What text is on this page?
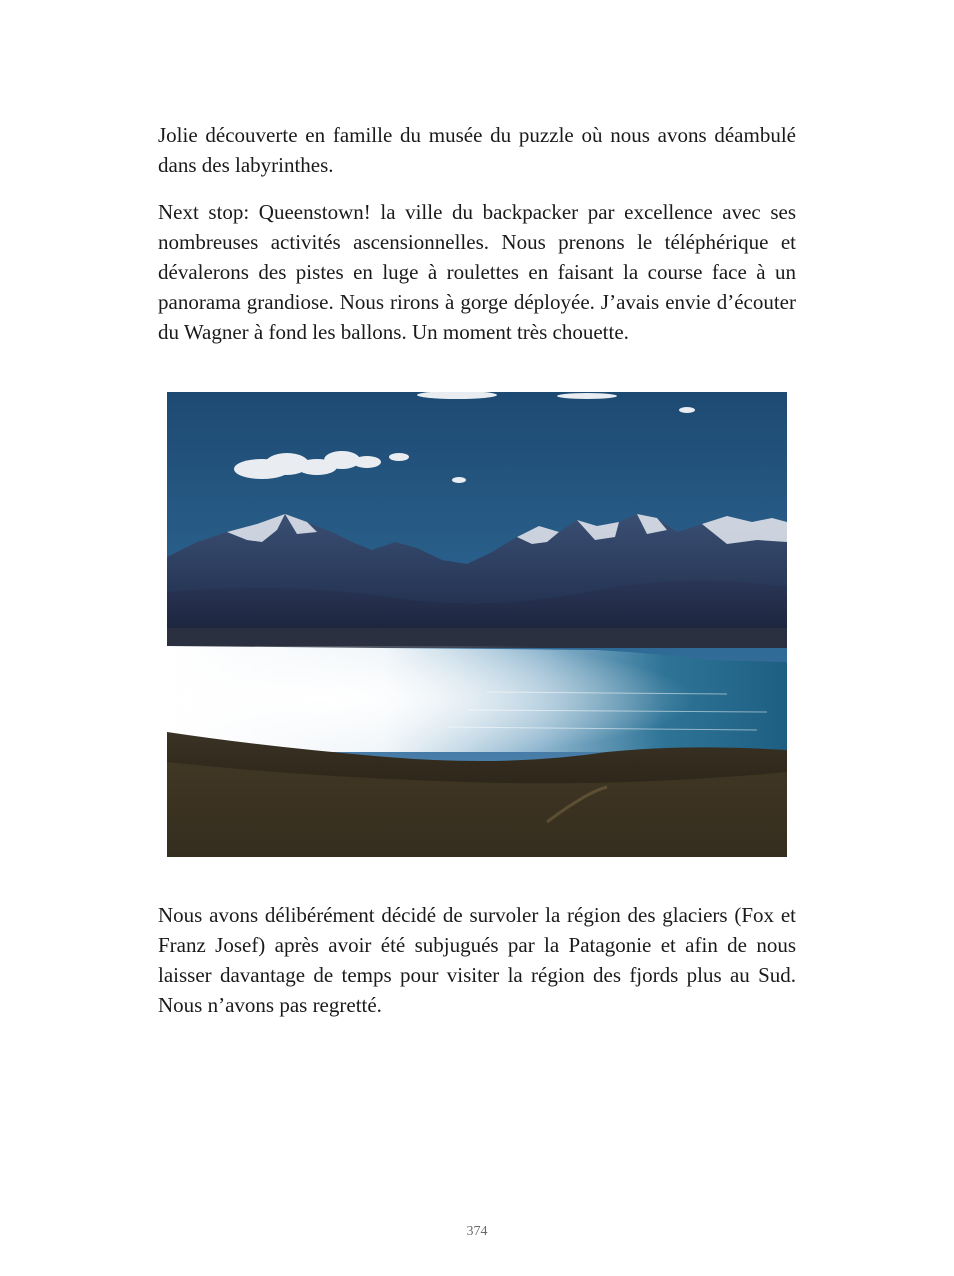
Jolie découverte en famille du musée du puzzle où nous avons déambulé dans des labyrinthes.

Next stop: Queenstown! la ville du backpacker par excellence avec ses nombreuses activités ascensionnelles. Nous prenons le téléphérique et dévalerons des pistes en luge à roulettes en faisant la course face à un panorama grandiose. Nous rirons à gorge déployée. J’avais envie d’écouter du Wagner à fond les ballons. Un moment très chouette.

Nous avons délibérément décidé de survoler la région des glaciers (Fox et Franz Josef) après avoir été subjugués par la Patagonie et afin de nous laisser davantage de temps pour visiter la région des fjords plus au Sud. Nous n’avons pas regretté.

374
